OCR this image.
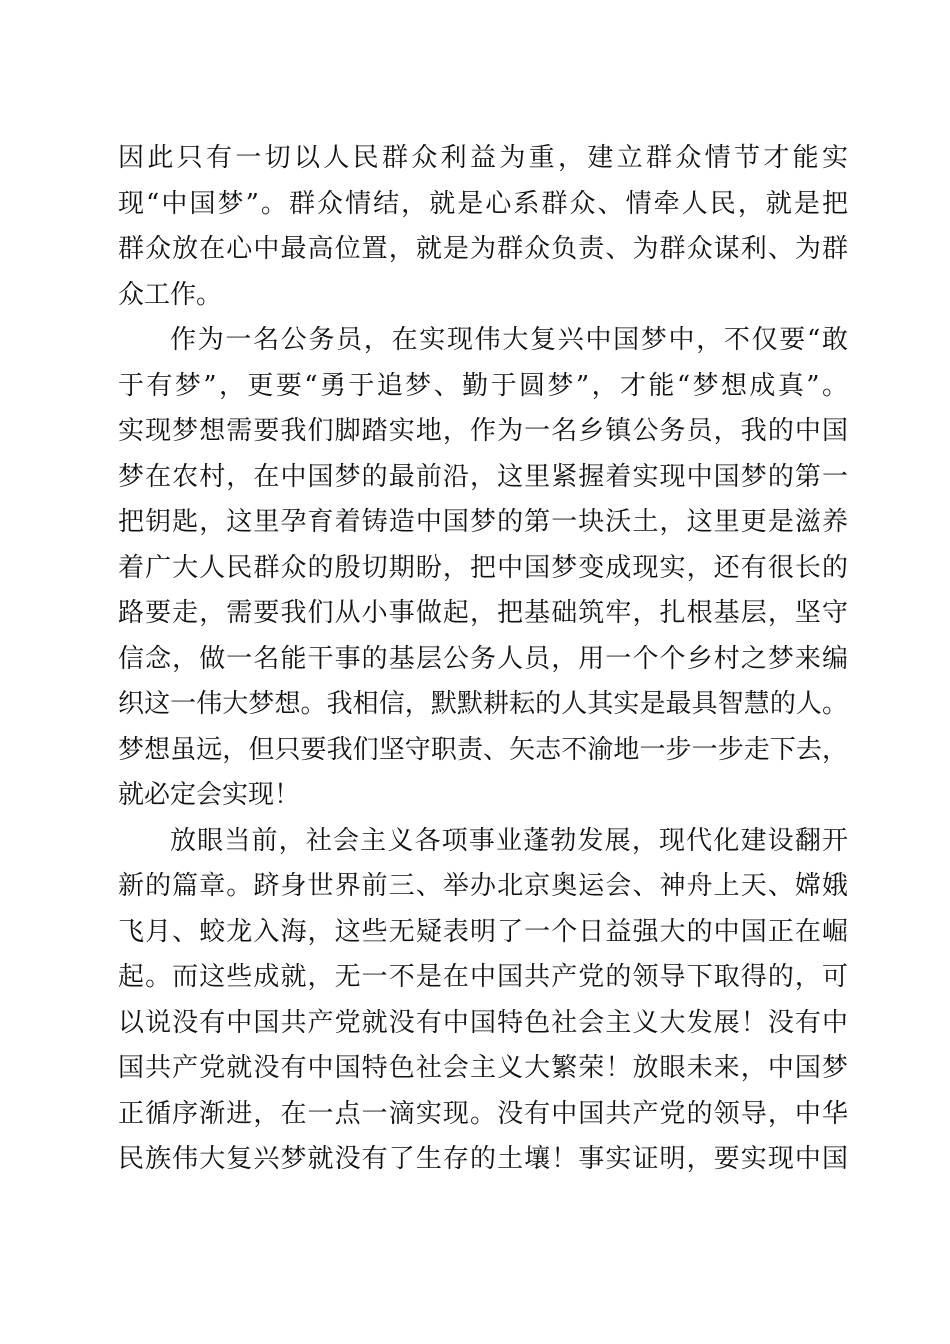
因此只有一切以人民群众利益为重，建立群众情节才能实
现“中国梦”。群众情结，就是心系群众、情牵人民，就是把
群众放在心中最高位置，就是为群众负责、为群众谋利、为群
众工作。
作为一名公务员，在实现伟大复兴中国梦中，不仅要“敢
于有梦”，更要“勇于追梦、勤于圆梦”，才能“梦想成真”。
实现梦想需要我们脚踏实地，作为一名乡镇公务员，我的中国
梦在农村，在中国梦的最前沿，这里紧握着实现中国梦的第一
把钥匙，这里孕育着铸造中国梦的第一块沃土，这里更是滋养
着广大人民群众的殷切期盼，把中国梦变成现实，还有很长的
路要走，需要我们从小事做起，把基础筑牢，扎根基层，坚守
信念，做一名能干事的基层公务人员，用一个个乡村之梦来编
织这一伟大梦想。我相信，默默耕耘的人其实是最具智慧的人。
梦想虽远，但只要我们坚守职责、矢志不渝地一步一步走下去，
就必定会实现！
放眼当前，社会主义各项事业蓬勃发展，现代化建设翻开
新的篇章。跻身世界前三、举办北京奥运会、神舟上天、嫦娥
飞月、蛟龙入海，这些无疑表明了一个日益强大的中国正在崛
起。而这些成就，无一不是在中国共产党的领导下取得的，可
以说没有中国共产党就没有中国特色社会主义大发展！没有中
国共产党就没有中国特色社会主义大繁荣！放眼未来，中国梦
正循序渐进，在一点一滴实现。没有中国共产党的领导，中华
民族伟大复兴梦就没有了生存的土壤！事实证明，要实现中国
